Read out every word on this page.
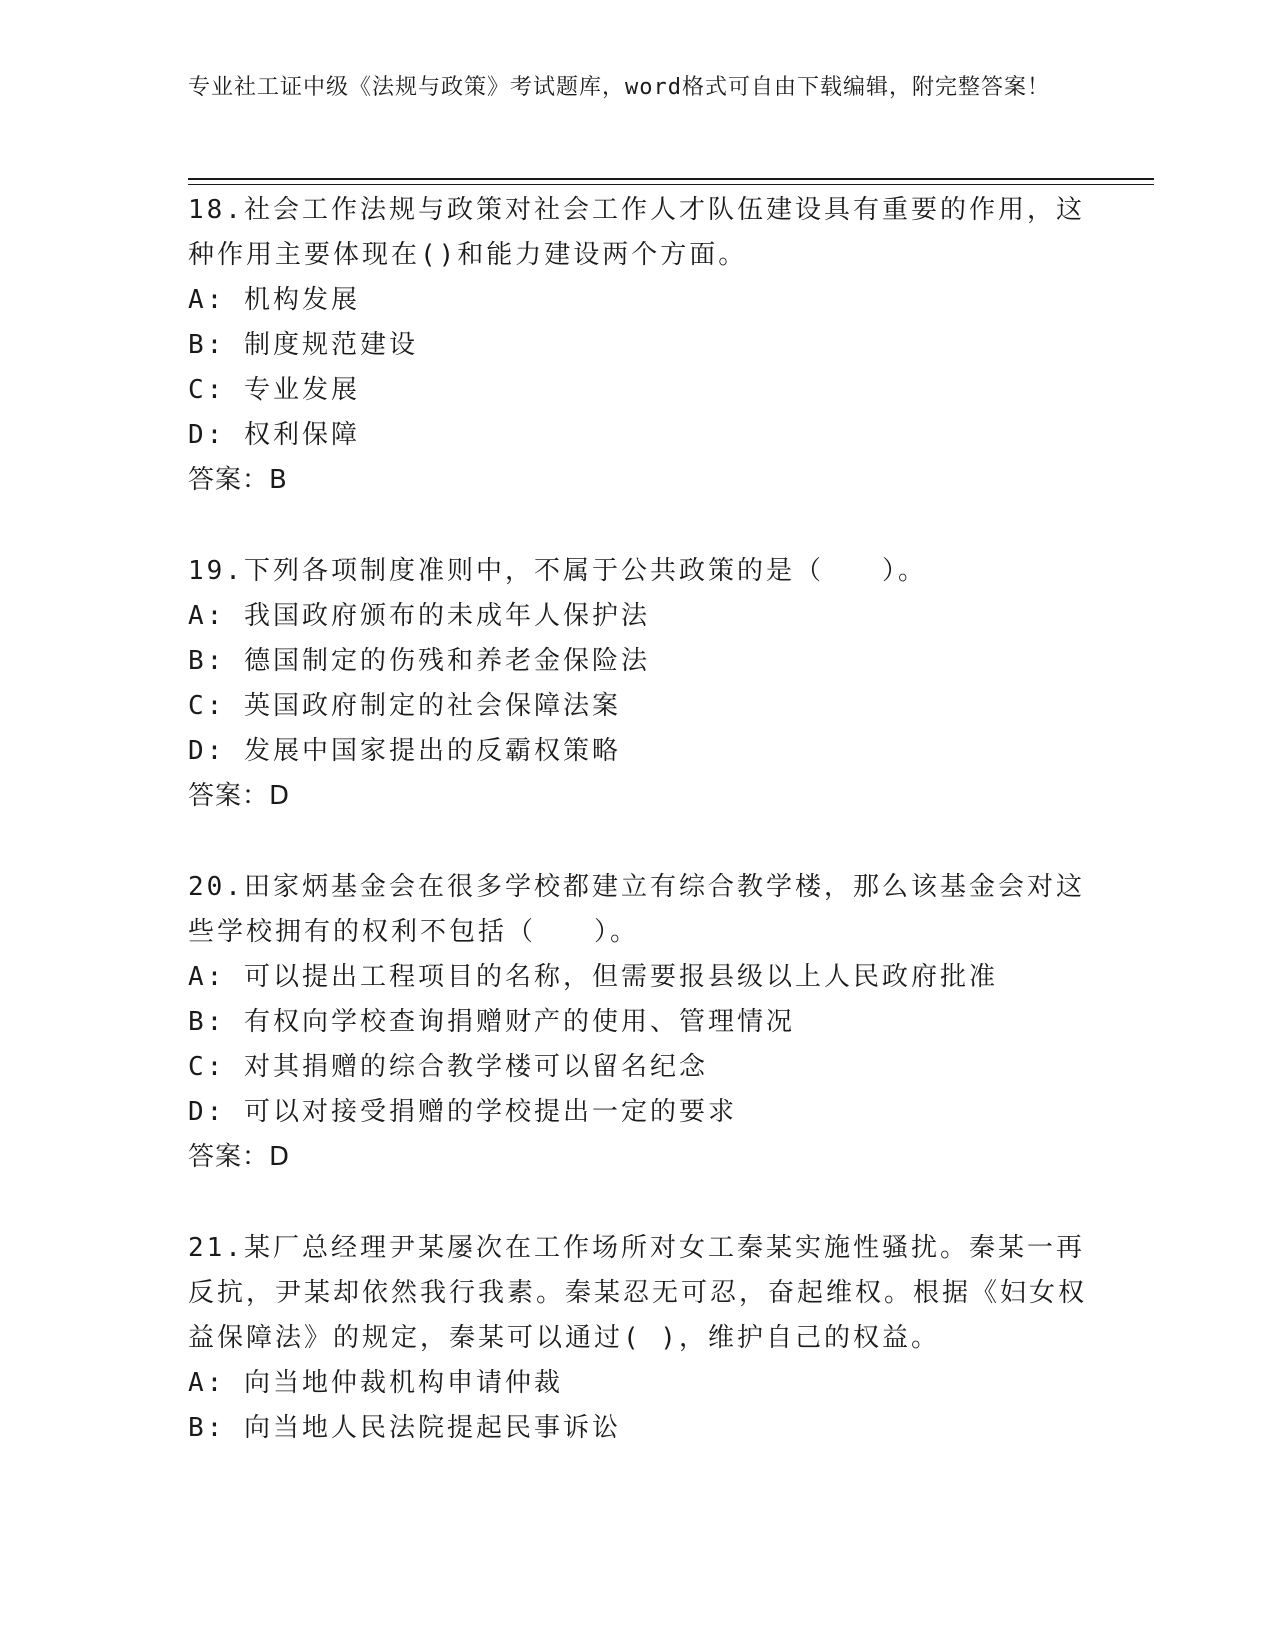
专业社工证中级《法规与政策》考试题库，word格式可自由下载编辑，附完整答案！

18.社会工作法规与政策对社会工作人才队伍建设具有重要的作用，这种作用主要体现在()和能力建设两个方面。

A: 机构发展

B: 制度规范建设

C: 专业发展

D: 权利保障

答案：B

19.下列各项制度准则中，不属于公共政策的是（　　）。

A: 我国政府颁布的未成年人保护法

B: 德国制定的伤残和养老金保险法

C: 英国政府制定的社会保障法案

D: 发展中国家提出的反霸权策略

答案：D

20.田家炳基金会在很多学校都建立有综合教学楼，那么该基金会对这些学校拥有的权利不包括（　　）。

A: 可以提出工程项目的名称，但需要报县级以上人民政府批准

B: 有权向学校查询捐赠财产的使用、管理情况

C: 对其捐赠的综合教学楼可以留名纪念

D: 可以对接受捐赠的学校提出一定的要求

答案：D

21.某厂总经理尹某屡次在工作场所对女工秦某实施性骚扰。秦某一再反抗，尹某却依然我行我素。秦某忍无可忍，奋起维权。根据《妇女权益保障法》的规定，秦某可以通过( )，维护自己的权益。

A: 向当地仲裁机构申请仲裁

B: 向当地人民法院提起民事诉讼
